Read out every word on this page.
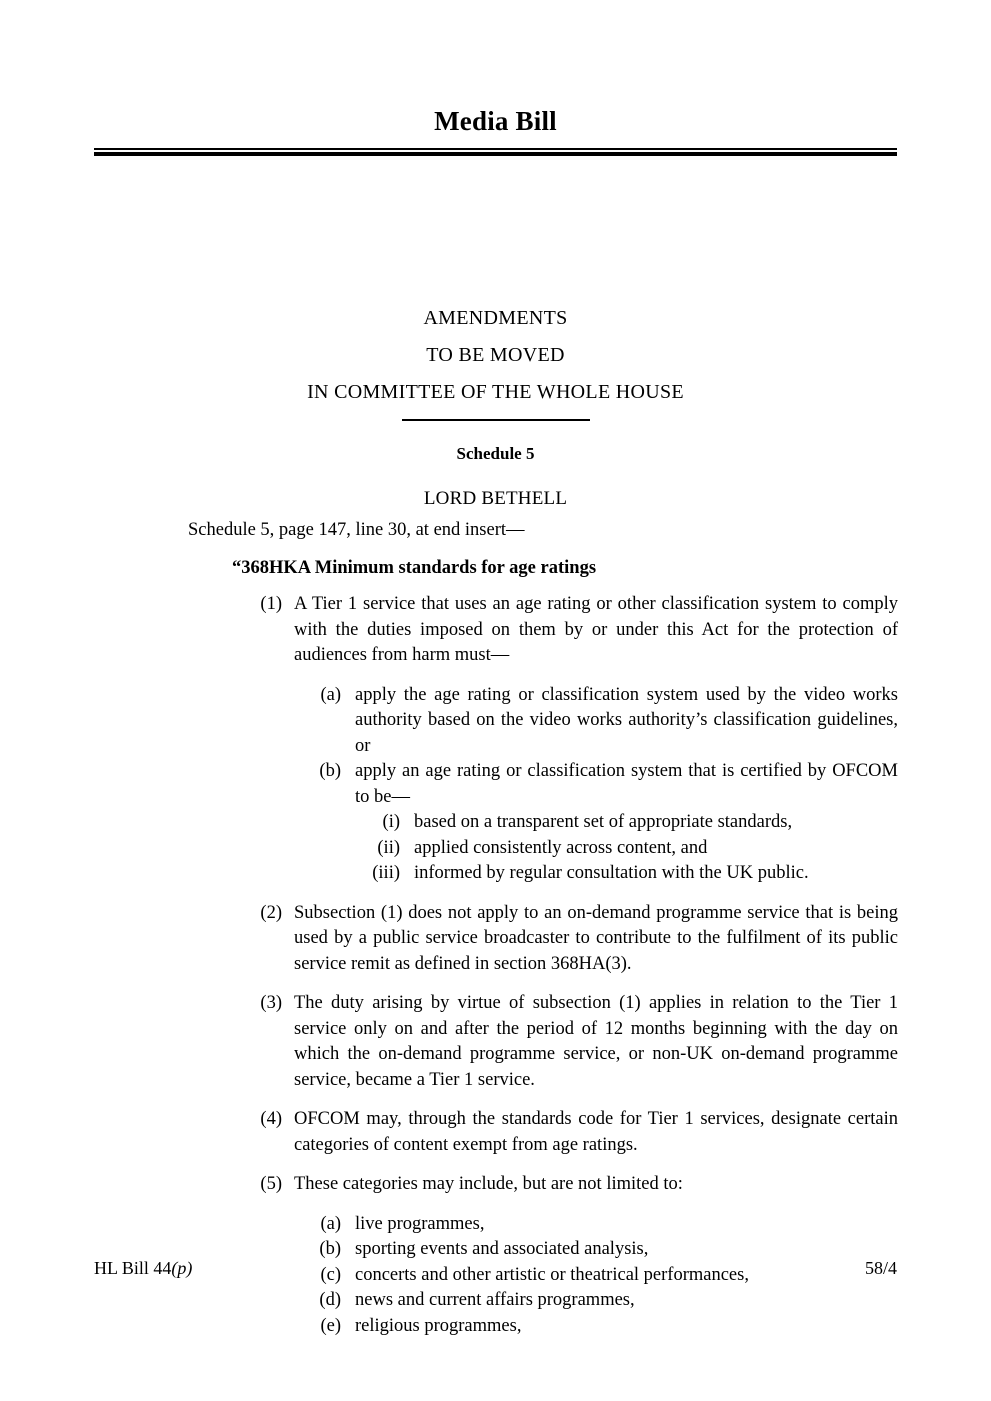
Media Bill
AMENDMENTS
TO BE MOVED
IN COMMITTEE OF THE WHOLE HOUSE
Schedule 5
LORD BETHELL
Schedule 5, page 147, line 30, at end insert—
“368HKA Minimum standards for age ratings
(1) A Tier 1 service that uses an age rating or other classification system to comply with the duties imposed on them by or under this Act for the protection of audiences from harm must—
(a) apply the age rating or classification system used by the video works authority based on the video works authority’s classification guidelines, or
(b) apply an age rating or classification system that is certified by OFCOM to be—
(i) based on a transparent set of appropriate standards,
(ii) applied consistently across content, and
(iii) informed by regular consultation with the UK public.
(2) Subsection (1) does not apply to an on-demand programme service that is being used by a public service broadcaster to contribute to the fulfilment of its public service remit as defined in section 368HA(3).
(3) The duty arising by virtue of subsection (1) applies in relation to the Tier 1 service only on and after the period of 12 months beginning with the day on which the on-demand programme service, or non-UK on-demand programme service, became a Tier 1 service.
(4) OFCOM may, through the standards code for Tier 1 services, designate certain categories of content exempt from age ratings.
(5) These categories may include, but are not limited to:
(a) live programmes,
(b) sporting events and associated analysis,
(c) concerts and other artistic or theatrical performances,
(d) news and current affairs programmes,
(e) religious programmes,
HL Bill 44(p)	58/4
